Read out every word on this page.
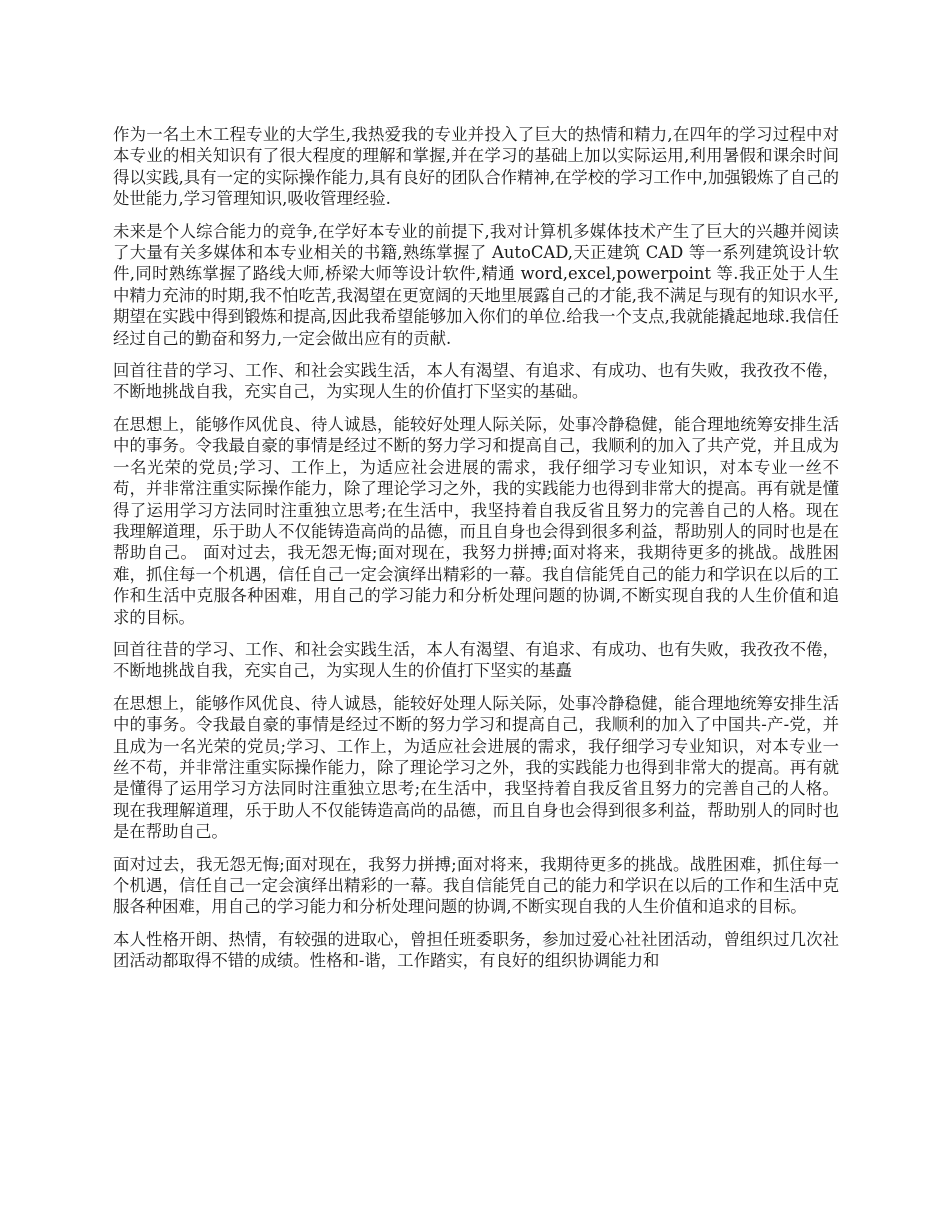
作为一名土木工程专业的大学生,我热爱我的专业并投入了巨大的热情和精力,在四年的学习过程中对本专业的相关知识有了很大程度的理解和掌握,并在学习的基础上加以实际运用,利用暑假和课余时间得以实践,具有一定的实际操作能力,具有良好的团队合作精神,在学校的学习工作中,加强锻炼了自己的处世能力,学习管理知识,吸收管理经验.

未来是个人综合能力的竞争,在学好本专业的前提下,我对计算机多媒体技术产生了巨大的兴趣并阅读了大量有关多媒体和本专业相关的书籍,熟练掌握了 AutoCAD,天正建筑 CAD 等一系列建筑设计软件,同时熟练掌握了路线大师,桥梁大师等设计软件,精通 word,excel,powerpoint 等.我正处于人生中精力充沛的时期,我不怕吃苦,我渴望在更宽阔的天地里展露自己的才能,我不满足与现有的知识水平,期望在实践中得到锻炼和提高,因此我希望能够加入你们的单位.给我一个支点,我就能撬起地球.我信任经过自己的勤奋和努力,一定会做出应有的贡献.

回首往昔的学习、工作、和社会实践生活，本人有渴望、有追求、有成功、也有失败，我孜孜不倦，不断地挑战自我，充实自己，为实现人生的价值打下坚实的基础。

在思想上，能够作风优良、待人诚恳，能较好处理人际关际，处事冷静稳健，能合理地统筹安排生活中的事务。令我最自豪的事情是经过不断的努力学习和提高自己，我顺利的加入了共产党，并且成为一名光荣的党员;学习、工作上，为适应社会进展的需求，我仔细学习专业知识，对本专业一丝不苟，并非常注重实际操作能力，除了理论学习之外，我的实践能力也得到非常大的提高。再有就是懂得了运用学习方法同时注重独立思考;在生活中，我坚持着自我反省且努力的完善自己的人格。现在我理解道理，乐于助人不仅能铸造高尚的品德，而且自身也会得到很多利益，帮助别人的同时也是在帮助自己。 面对过去，我无怨无悔;面对现在，我努力拼搏;面对将来，我期待更多的挑战。战胜困难，抓住每一个机遇，信任自己一定会演绎出精彩的一幕。我自信能凭自己的能力和学识在以后的工作和生活中克服各种困难，用自己的学习能力和分析处理问题的协调,不断实现自我的人生价值和追求的目标。

回首往昔的学习、工作、和社会实践生活，本人有渴望、有追求、有成功、也有失败，我孜孜不倦，不断地挑战自我，充实自己，为实现人生的价值打下坚实的基矗

在思想上，能够作风优良、待人诚恳，能较好处理人际关际，处事冷静稳健，能合理地统筹安排生活中的事务。令我最自豪的事情是经过不断的努力学习和提高自己，我顺利的加入了中国共-产-党，并且成为一名光荣的党员;学习、工作上，为适应社会进展的需求，我仔细学习专业知识，对本专业一丝不苟，并非常注重实际操作能力，除了理论学习之外，我的实践能力也得到非常大的提高。再有就是懂得了运用学习方法同时注重独立思考;在生活中，我坚持着自我反省且努力的完善自己的人格。现在我理解道理，乐于助人不仅能铸造高尚的品德，而且自身也会得到很多利益，帮助别人的同时也是在帮助自己。

面对过去，我无怨无悔;面对现在，我努力拼搏;面对将来，我期待更多的挑战。战胜困难，抓住每一个机遇，信任自己一定会演绎出精彩的一幕。我自信能凭自己的能力和学识在以后的工作和生活中克服各种困难，用自己的学习能力和分析处理问题的协调,不断实现自我的人生价值和追求的目标。

本人性格开朗、热情，有较强的进取心，曾担任班委职务，参加过爱心社社团活动，曾组织过几次社团活动都取得不错的成绩。性格和-谐，工作踏实，有良好的组织协调能力和
